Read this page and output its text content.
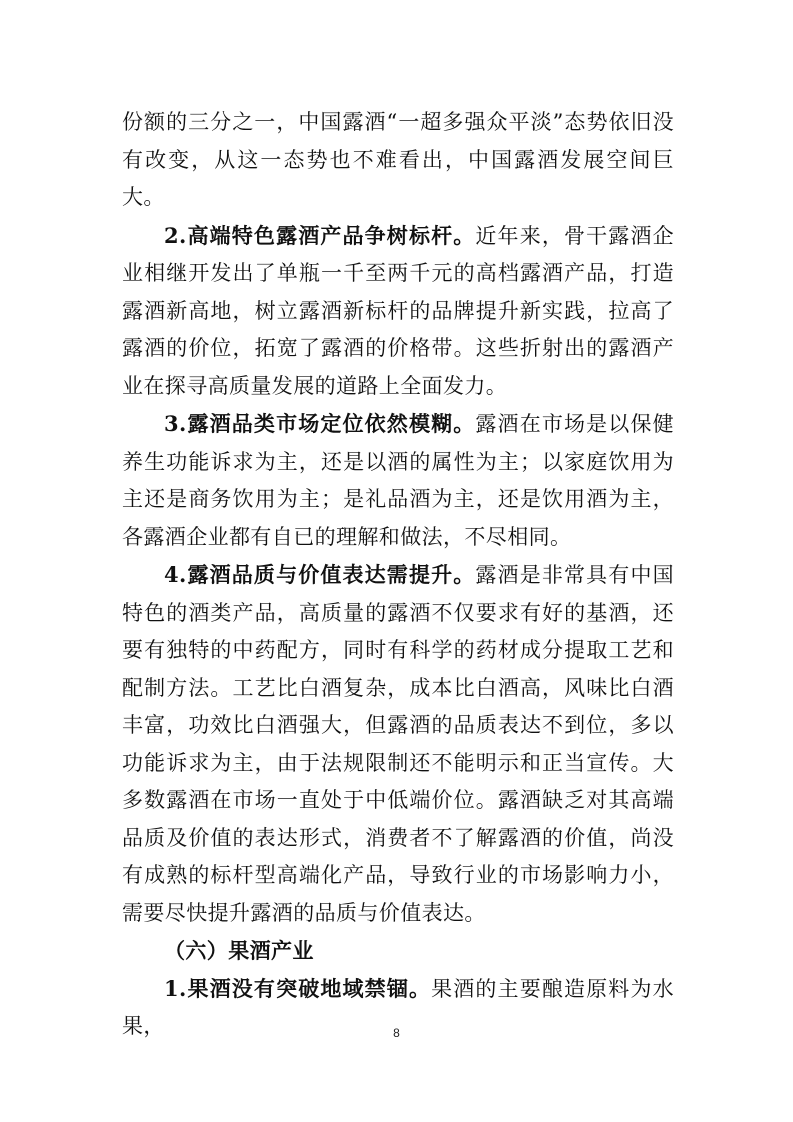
份额的三分之一，中国露酒“一超多强众平淡”态势依旧没有改变，从这一态势也不难看出，中国露酒发展空间巨大。

2.高端特色露酒产品争树标杆。近年来，骨干露酒企业相继开发出了单瓶一千至两千元的高档露酒产品，打造露酒新高地，树立露酒新标杆的品牌提升新实践，拉高了露酒的价位，拓宽了露酒的价格带。这些折射出的露酒产业在探寻高质量发展的道路上全面发力。

3.露酒品类市场定位依然模糊。露酒在市场是以保健养生功能诉求为主，还是以酒的属性为主；以家庭饮用为主还是商务饮用为主；是礼品酒为主，还是饮用酒为主，各露酒企业都有自已的理解和做法，不尽相同。

4.露酒品质与价值表达需提升。露酒是非常具有中国特色的酒类产品，高质量的露酒不仅要求有好的基酒，还要有独特的中药配方，同时有科学的药材成分提取工艺和配制方法。工艺比白酒复杂，成本比白酒高，风味比白酒丰富，功效比白酒强大，但露酒的品质表达不到位，多以功能诉求为主，由于法规限制还不能明示和正当宣传。大多数露酒在市场一直处于中低端价位。露酒缺乏对其高端品质及价值的表达形式，消费者不了解露酒的价值，尚没有成熟的标杆型高端化产品，导致行业的市场影响力小，需要尽快提升露酒的品质与价值表达。

（六）果酒产业

1.果酒没有突破地域禁锢。果酒的主要酿造原料为水果，	8
